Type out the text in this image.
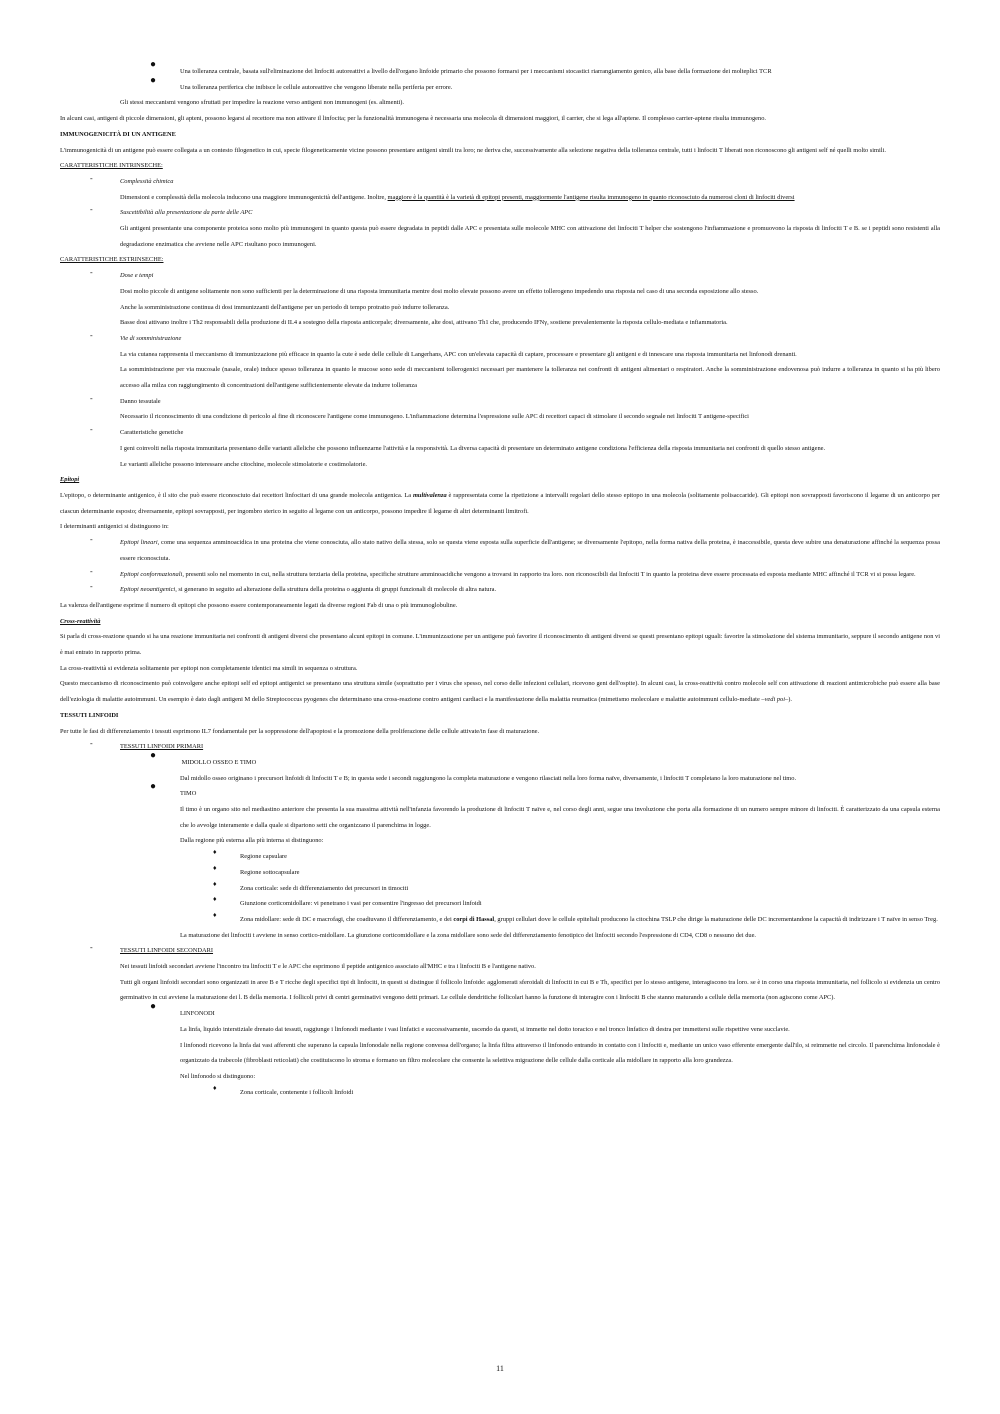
●
Una tolleranza centrale, basata sull'eliminazione dei linfociti autoreattivi a livello dell'organo linfoide primario che possono formarsi per i meccanismi stocastici riarrangiamento genico, alla base della formazione dei molteplici TCR
●
Una tolleranza periferica che inibisce le cellule autoreattive che vengono liberate nella periferia per errore.
Gli stessi meccanismi vengono sfruttati per impedire la reazione verso antigeni non immunogeni (es. alimenti).
In alcuni casi, antigeni di piccole dimensioni, gli apteni, possono legarsi al recettore ma non attivare il linfocita; per la funzionalità immunogena è necessaria una molecola di dimensioni maggiori, il carrier, che si lega all'aptene. Il complesso carrier-aptene risulta immunogeno.
IMMUNOGENICITÀ DI UN ANTIGENE
L'immunogenicità di un antigene può essere collegata a un contesto filogenetico in cui, specie filogeneticamente vicine possono presentare antigeni simili tra loro; ne deriva che, successivamente alla selezione negativa della tolleranza centrale, tutti i linfociti T liberati non riconoscono gli antigeni self né quelli molto simili.
CARATTERISTICHE INTRINSECHE:
-	Complessità chimica
Dimensioni e complessità della molecola inducono una maggiore immunogenicità dell'antigene. Inoltre, maggiore è la quantità è la varietà di epitopi presenti, maggiormente l'antigene risulta immunogeno in quanto riconosciuto da numerosi cloni di linfociti diversi
-	Suscettibilità alla presentazione da parte delle APC
Gli antigeni presentante una componente proteica sono molto più immunogeni in quanto questa può essere degradata in peptidi dalle APC e presentata sulle molecole MHC con attivazione dei linfociti T helper che sostengono l'infiammazione e promuovono la risposta di linfociti T e B. se i peptidi sono resistenti alla degradazione enzimatica che avviene nelle APC risultano poco immunogeni.
CARATTERISTICHE ESTRINSECHE:
-	Dose e tempi
Dosi molto piccole di antigene solitamente non sono sufficienti per la determinazione di una risposta immunitaria mentre dosi molto elevate possono avere un effetto tollerogeno impedendo una risposta nel caso di una seconda esposizione allo stesso.
Anche la somministrazione continua di dosi immunizzanti dell'antigene per un periodo di tempo protratto può indurre tolleranza.
Basse dosi attivano inoltre i Th2 responsabili della produzione di IL4 a sostegno della risposta anticorpale; diversamente, alte dosi, attivano Th1 che, producendo IFNγ, sostiene prevalentemente la risposta cellulo-mediata e infiammatoria.
-	Vie di somministrazione
La via cutanea rappresenta il meccanismo di immunizzazione più efficace in quanto la cute è sede delle cellule di Langerhans, APC con un'elevata capacità di captare, processare e presentare gli antigeni e di innescare una risposta immunitaria nei linfonodi drenanti.
La somministrazione per via mucosale (nasale, orale) induce spesso tolleranza in quanto le mucose sono sede di meccanismi tollerogenici necessari per mantenere la tolleranza nei confronti di antigeni alimentari o respiratori. Anche la somministrazione endovenosa può indurre a tolleranza in quanto si ha più libero accesso alla milza con raggiungimento di concentrazioni dell'antigene sufficientemente elevate da indurre tolleranza
-	Danno tessutale
Necessario il riconoscimento di una condizione di pericolo al fine di riconoscere l'antigene come immunogeno. L'infiammazione determina l'espressione sulle APC di recettori capaci di stimolare il secondo segnale nei linfociti T antigene-specifici
-	Caratteristiche genetiche
I geni coinvolti nella risposta immunitaria presentano delle varianti alleliche che possono influenzarne l'attività e la responsività. La diversa capacità di presentare un determinato antigene condiziona l'efficienza della risposta immunitaria nei confronti di quello stesso antigene.
Le varianti alleliche possono interessare anche citochine, molecole stimolatorie e costimolatorie.
Epitopi
L'epitopo, o determinante antigenico, è il sito che può essere riconosciuto dai recettori linfocitari di una grande molecola antigenica. La multivalenza è rappresentata come la ripetizione a intervalli regolari dello stesso epitopo in una molecola (solitamente polisaccaride). Gli epitopi non sovrapposti favoriscono il legame di un anticorpo per ciascun determinante esposto; diversamente, epitopi sovrapposti, per ingombro sterico in seguito al legame con un anticorpo, possono impedire il legame di altri determinanti limitrofi.
I determinanti antigenici si distinguono in:
-	Epitopi lineari, come una sequenza amminoacidica in una proteina che viene conosciuta, allo stato nativo della stessa, solo se questa viene esposta sulla superficie dell'antigene; se diversamente l'epitopo, nella forma nativa della proteina, è inaccessibile, questa deve subire una denaturazione affinché la sequenza possa essere riconosciuta.
-	Epitopi conformazionali, presenti solo nel momento in cui, nella struttura terziaria della proteina, specifiche strutture amminoacidiche vengono a trovarsi in rapporto tra loro. non riconoscibili dai linfociti T in quanto la proteina deve essere processata ed esposta mediante MHC affinché il TCR vi si possa legare.
-	Epitopi neoantigenici, si generano in seguito ad alterazione della struttura della proteina o aggiunta di gruppi funzionali di molecole di altra natura.
La valenza dell'antigene esprime il numero di epitopi che possono essere contemporaneamente legati da diverse regioni Fab di una o più immunoglobuline.
Cross-reattività
Si parla di cross-reazione quando si ha una reazione immunitaria nei confronti di antigeni diversi che presentano alcuni epitopi in comune. L'immunizzazione per un antigene può favorire il riconoscimento di antigeni diversi se questi presentano epitopi uguali: favorire la stimolazione del sistema immunitario, seppure il secondo antigene non vi è mai entrato in rapporto prima.
La cross-reattività si evidenzia solitamente per epitopi non completamente identici ma simili in sequenza o struttura.
Questo meccanismo di riconoscimento può coinvolgere anche epitopi self ed epitopi antigenici se presentano una struttura simile (soprattutto per i virus che spesso, nel corso delle infezioni cellulari, ricevono geni dell'ospite). In alcuni casi, la cross-reattività contro molecole self con attivazione di reazioni antimicrobiche può essere alla base dell'eziologia di malattie autoimmuni. Un esempio è dato dagli antigeni M dello Streptococcus pyogenes che determinano una cross-reazione contro antigeni cardiaci e la manifestazione della malattia reumatica (mimetismo molecolare e malattie autoimmuni cellulo-mediate –vedi poi–).
TESSUTI LINFOIDI
Per tutte le fasi di differenziamento i tessuti esprimono IL7 fondamentale per la soppressione dell'apoptosi e la promozione della proliferazione delle cellule attivate/in fase di maturazione.
-	TESSUTI LINFOIDI PRIMARI
●
MIDOLLO OSSEO E TIMO
Dal midollo osseo originano i precursori linfoidi di linfociti T e B; in questa sede i secondi raggiungono la completa maturazione e vengono rilasciati nella loro forma naïve, diversamente, i linfociti T completano la loro maturazione nel timo.
●
TIMO
Il timo è un organo sito nel mediastino anteriore che presenta la sua massima attività nell'infanzia favorendo la produzione di linfociti T naïve e, nel corso degli anni, segue una involuzione che porta alla formazione di un numero sempre minore di linfociti. È caratterizzato da una capsula esterna che lo avvolge interamente e dalla quale si dipartono setti che organizzano il parenchima in logge.
Dalla regione più esterna alla più interna si distinguono:
♦
Regione capsulare
♦
Regione sottocapsulare
♦
Zona corticale: sede di differenziamento dei precursori in timociti
♦
Giunzione corticomidollare: vi penetrano i vasi per consentire l'ingresso dei precursori linfoidi
♦
Zona midollare: sede di DC e macrofagi, che coadiuvano il differenziamento, e dei corpi di Hassal, gruppi cellulari dove le cellule epiteliali producono la citochina TSLP che dirige la maturazione delle DC incrementandone la capacità di indirizzare i T naïve in senso Treg.
La maturazione dei linfociti t avviene in senso cortico-midollare. La giunzione corticomidollare e la zona midollare sono sede del differenziamento fenotipico dei linfociti secondo l'espressione di CD4, CD8 o nessuno dei due.
-	TESSUTI LINFOIDI SECONDARI
Nei tessuti linfoidi secondari avviene l'incontro tra linfociti T e le APC che esprimono il peptide antigenico associato all'MHC e tra i linfociti B e l'antigene nativo.
Tutti gli organi linfoidi secondari sono organizzati in aree B e T ricche degli specifici tipi di linfociti, in questi si distingue il follicolo linfoide: agglomerati sferoidali di linfociti in cui B e Th, specifici per lo stesso antigene, interagiscono tra loro. se è in corso una risposta immunitaria, nel follicolo si evidenzia un centro germinativo in cui avviene la maturazione dei l. B della memoria. I follicoli privi di centri germinativi vengono detti primari. Le cellule dendritiche follicolari hanno la funzione di interagire con i linfociti B che stanno maturando a cellule della memoria (non agiscono come APC).
●
LINFONODI
La linfa, liquido interstiziale drenato dai tessuti, raggiunge i linfonodi mediante i vasi linfatici e successivamente, uscendo da questi, si immette nel dotto toracico e nel tronco linfatico di destra per immettersi sulle rispettive vene succlavie.
I linfonodi ricevono la linfa dai vasi afferenti che superano la capsula linfonodale nella regione convessa dell'organo; la linfa filtra attraverso il linfonodo entrando in contatto con i linfociti e, mediante un unico vaso efferente emergente dall'ilo, si reimmette nel circolo. Il parenchima linfonodale è organizzato da trabecole (fibroblasti reticolati) che costituiscono lo stroma e formano un filtro molecolare che consente la selettiva migrazione delle cellule dalla corticale alla midollare in rapporto alla loro grandezza.
Nel linfonodo si distinguono:
♦
Zona corticale, contenente i follicoli linfoidi
11
